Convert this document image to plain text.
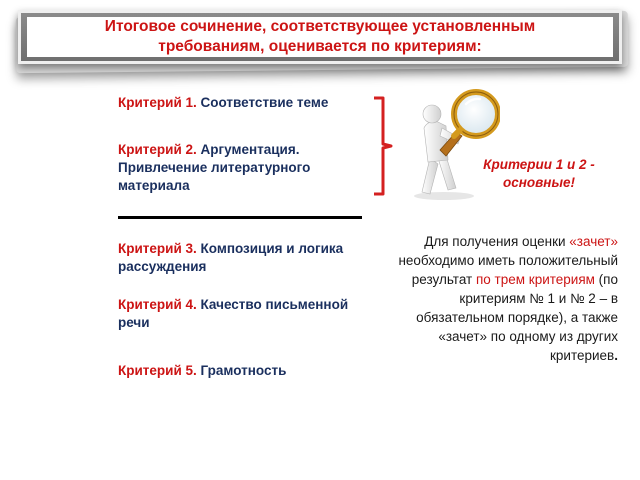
Итоговое сочинение, соответствующее установленным требованиям, оценивается по критериям:
Критерий 1. Соответствие теме
Критерий 2. Аргументация. Привлечение литературного материала
Критерии 1 и 2 - основные!
Критерий 3. Композиция и логика рассуждения
Критерий 4. Качество письменной речи
Критерий 5. Грамотность
Для получения оценки «зачет» необходимо иметь положительный результат по трем критериям (по критериям № 1 и № 2 – в обязательном порядке), а также «зачет» по одному из других критериев.
